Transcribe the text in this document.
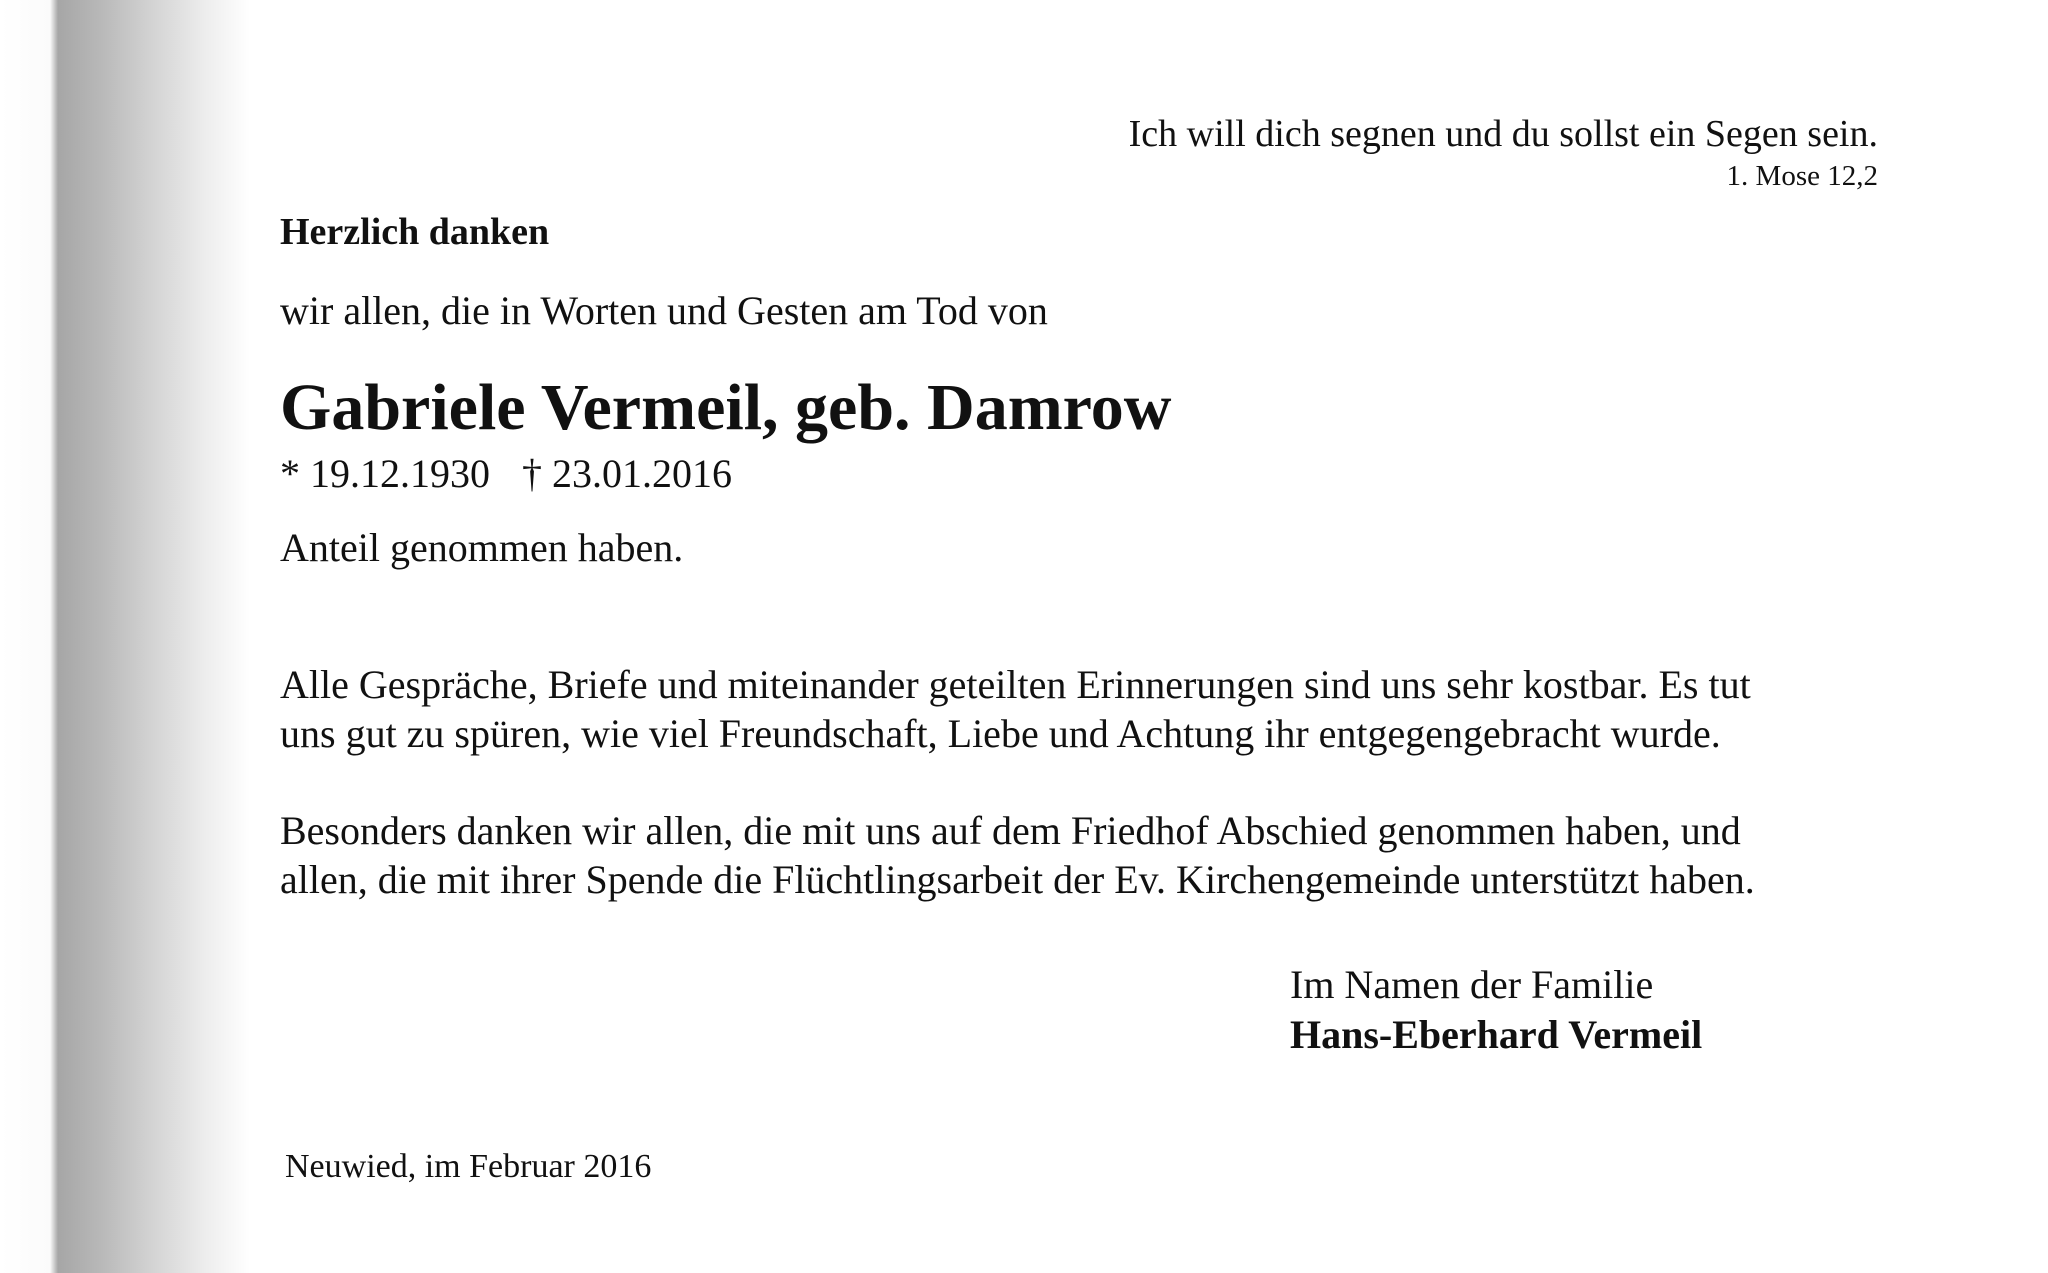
Ich will dich segnen und du sollst ein Segen sein.

1. Mose 12,2

Herzlich danken

wir allen, die in Worten und Gesten am Tod von

Gabriele Vermeil, geb. Damrow

* 19.12.1930 † 23.01.2016

Anteil genommen haben.

Alle Gespräche, Briefe und miteinander geteilten Erinnerungen sind uns sehr kostbar. Es tut
uns gut zu spüren, wie viel Freundschaft, Liebe und Achtung ihr entgegengebracht wurde.

Besonders danken wir allen, die mit uns auf dem Friedhof Abschied genommen haben, und
allen, die mit ihrer Spende die Flüchtlingsarbeit der Ev. Kirchengemeinde unterstützt haben.

Im Namen der Familie

Hans-Eberhard Vermeil

Neuwied, im Februar 2016
